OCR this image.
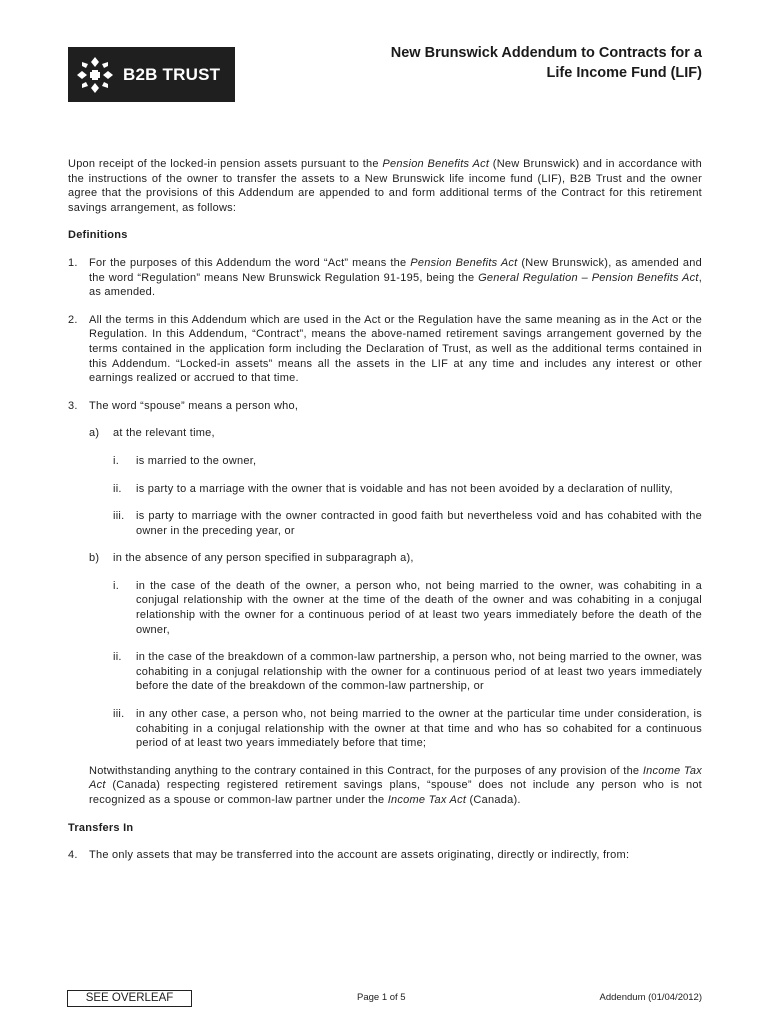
B2B TRUST
New Brunswick Addendum to Contracts for a
Life Income Fund (LIF)

Upon receipt of the locked-in pension assets pursuant to the Pension Benefits Act (New Brunswick) and in accordance with the instructions of the owner to transfer the assets to a New Brunswick life income fund (LIF), B2B Trust and the owner agree that the provisions of this Addendum are appended to and form additional terms of the Contract for this retirement savings arrangement, as follows:

Definitions
1. For the purposes of this Addendum the word “Act” means the Pension Benefits Act (New Brunswick), as amended and the word “Regulation” means New Brunswick Regulation 91-195, being the General Regulation – Pension Benefits Act, as amended.
2. All the terms in this Addendum which are used in the Act or the Regulation have the same meaning as in the Act or the Regulation. In this Addendum, “Contract”, means the above-named retirement savings arrangement governed by the terms contained in the application form including the Declaration of Trust, as well as the additional terms contained in this Addendum. “Locked-in assets” means all the assets in the LIF at any time and includes any interest or other earnings realized or accrued to that time.
3. The word “spouse” means a person who,
a) at the relevant time,
i. is married to the owner,
ii. is party to a marriage with the owner that is voidable and has not been avoided by a declaration of nullity,
iii. is party to marriage with the owner contracted in good faith but nevertheless void and has cohabited with the owner in the preceding year, or
b) in the absence of any person specified in subparagraph a),
i. in the case of the death of the owner, a person who, not being married to the owner, was cohabiting in a conjugal relationship with the owner at the time of the death of the owner and was cohabiting in a conjugal relationship with the owner for a continuous period of at least two years immediately before the death of the owner,
ii. in the case of the breakdown of a common-law partnership, a person who, not being married to the owner, was cohabiting in a conjugal relationship with the owner for a continuous period of at least two years immediately before the date of the breakdown of the common-law partnership, or
iii. in any other case, a person who, not being married to the owner at the particular time under consideration, is cohabiting in a conjugal relationship with the owner at that time and who has so cohabited for a continuous period of at least two years immediately before that time;
Notwithstanding anything to the contrary contained in this Contract, for the purposes of any provision of the Income Tax Act (Canada) respecting registered retirement savings plans, “spouse” does not include any person who is not recognized as a spouse or common-law partner under the Income Tax Act (Canada).
Transfers In
4. The only assets that may be transferred into the account are assets originating, directly or indirectly, from:
SEE OVERLEAF	Page 1 of 5	Addendum (01/04/2012)
